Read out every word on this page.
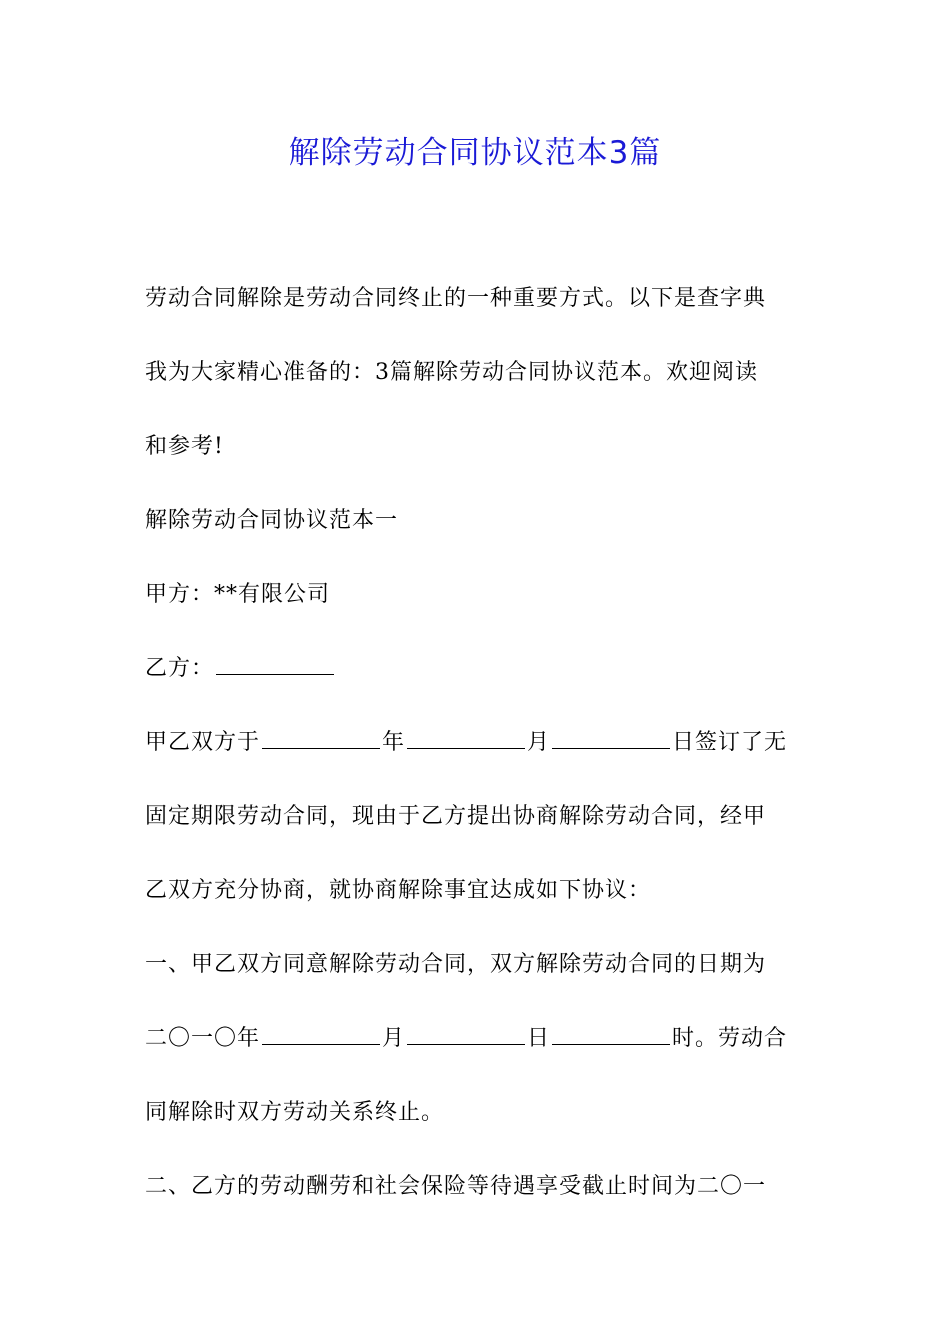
解除劳动合同协议范本3篇
劳动合同解除是劳动合同终止的一种重要方式。以下是查字典
我为大家精心准备的：3篇解除劳动合同协议范本。欢迎阅读
和参考!
解除劳动合同协议范本一
甲方：**有限公司
乙方：
甲乙双方于	年	月	日签订了无
固定期限劳动合同，现由于乙方提出协商解除劳动合同，经甲
乙双方充分协商，就协商解除事宜达成如下协议：
一、甲乙双方同意解除劳动合同，双方解除劳动合同的日期为
二〇一〇年	月	日	时。劳动合
同解除时双方劳动关系终止。
二、乙方的劳动酬劳和社会保险等待遇享受截止时间为二〇一
